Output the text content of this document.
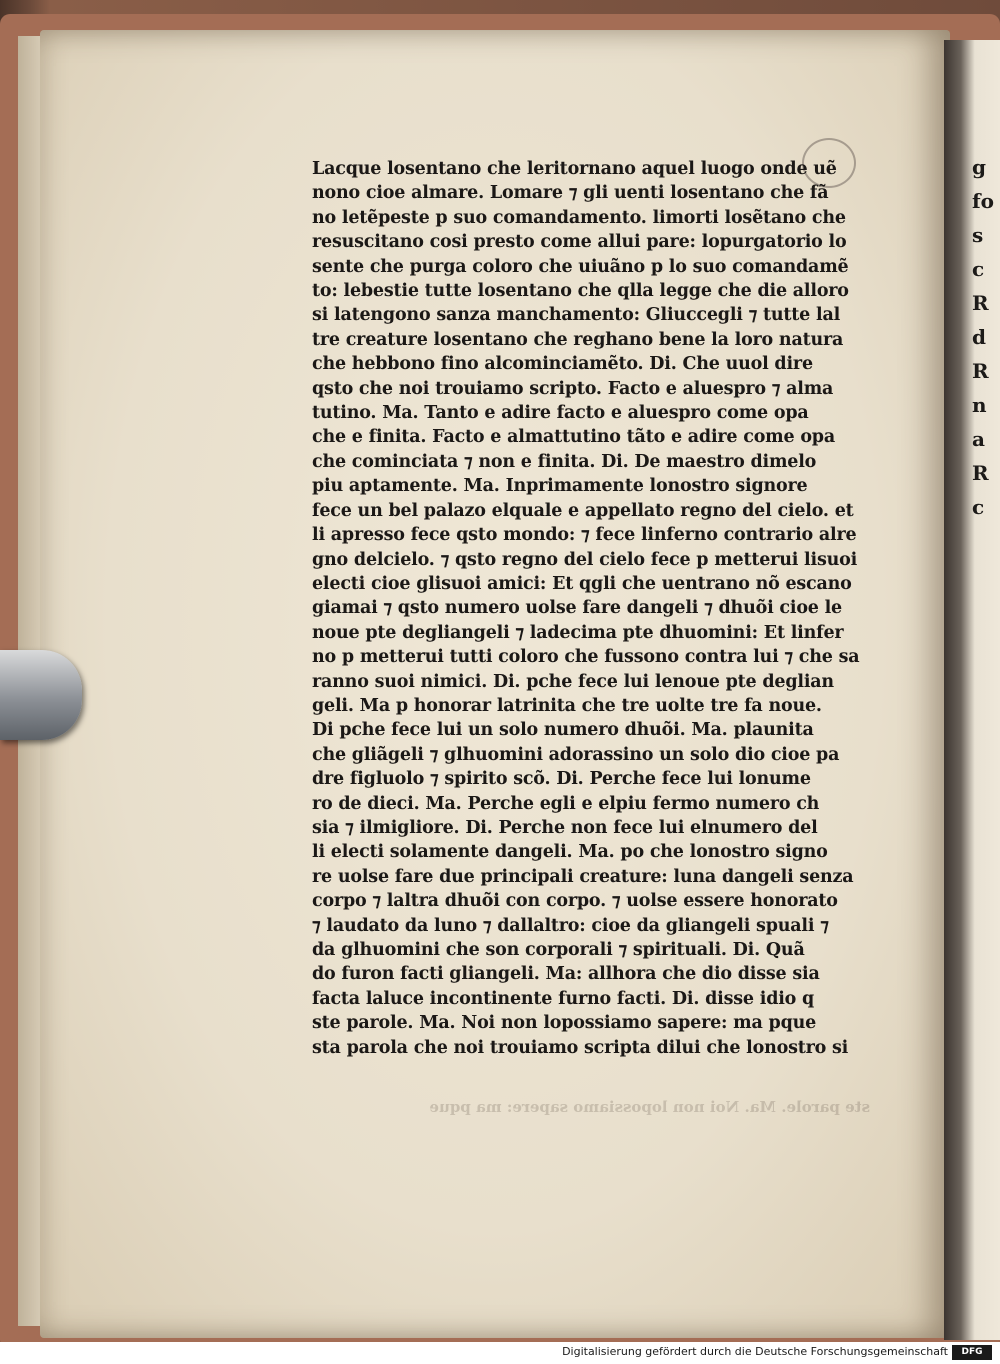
g
fo
s
c
R
d
R
n
a
R
c
Lacque losentano che leritornano aquel luogo onde uẽ
nono cioe almare. Lomare ⁊ gli uenti losentano che fã
no letẽpeste p suo comandamento. limorti losẽtano che
resuscitano cosi presto come allui pare: lopurgatorio lo
sente che purga coloro che uiuãno p lo suo comandamẽ
to: lebestie tutte losentano che qlla legge che die alloro
si latengono sanza manchamento: Gliucceglі ⁊ tutte lal
tre creature losentano che reghano bene la loro natura
che hebbono fino alcominciamẽto. Di. Che uuol dire
qsto che noi trouiamo scripto. Facto e aluespro ⁊ alma
tutino. Ma. Tanto e adire facto e aluespro come opa
che e finita. Facto e almattutino tãto e adire come opa
che cominciata ⁊ non e finita. Di. De maestro dimelo
piu aptamente. Ma. Inprimamente lonostro signore
fece un bel palazo elquale e appellato regno del cielo. et
li apresso fece qsto mondo: ⁊ fece linferno contrario alre
gno delcielo. ⁊ qsto regno del cielo fece p metterui lisuoi
electi cioe glisuoi amici: Et qgli che uentrano nõ escano
giamai ⁊ qsto numero uolse fare dangeli ⁊ dhuõi cioe le
noue pte degliangeli ⁊ ladecima pte dhuomini: Et linfer
no p metterui tutti coloro che fussono contra lui ⁊ che sa
ranno suoi nimici. Di. pche fece lui lenoue pte deglian
geli. Ma p honorar latrinita che tre uolte tre fa noue.
Di pche fece lui un solo numero dhuõi. Ma. plaunita
che gliãgeli ⁊ glhuomini adorassino un solo dio cioe pa
dre figluolo ⁊ spirito scõ. Di. Perche fece lui lonume
ro de dieci. Ma. Perche egli e elpiu fermo numero ch
sia ⁊ ilmigliore. Di. Perche non fece lui elnumero del
li electi solamente dangeli. Ma. po che lonostro signo
re uolse fare due principali creature: luna dangeli senza
corpo ⁊ laltra dhuõi con corpo. ⁊ uolse essere honorato
⁊ laudato da luno ⁊ dallaltro: cioe da gliangeli spuali ⁊
da glhuomini che son corporali ⁊ spirituali. Di. Quã
do furon facti gliangeli. Ma: allhora che dio disse sia
facta laluce incontinente furno facti. Di. disse idio q
ste parole. Ma. Noi non lopossiamo sapere: ma pque
sta parola che noi trouiamo scripta dilui che lonostro si
ste parole. Ma. Noi non lopossiamo sapere: ma pque
Digitalisierung gefördert durch die Deutsche Forschungsgemeinschaft	DFG
